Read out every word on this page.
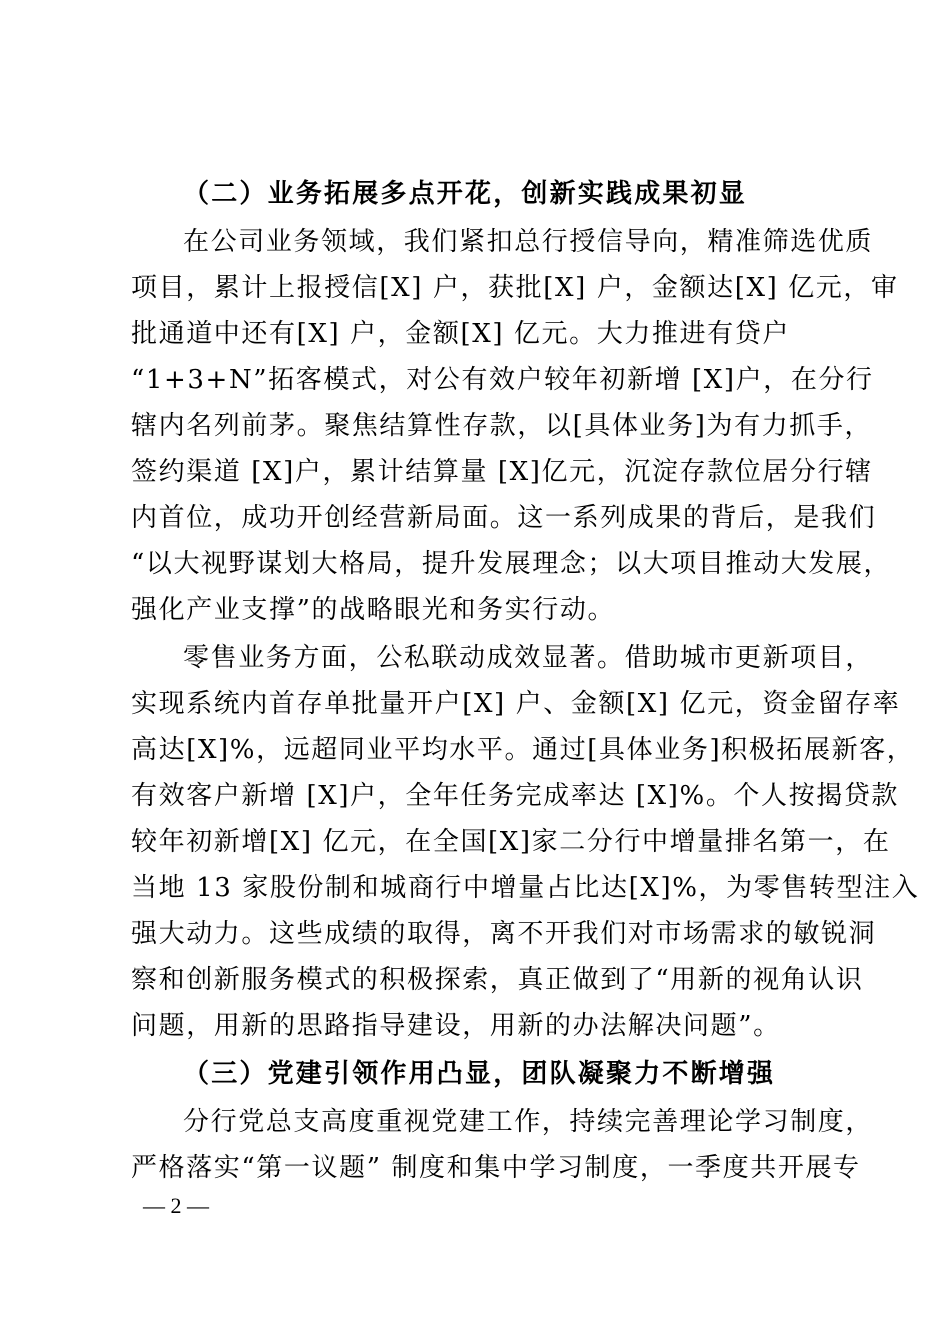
（二）业务拓展多点开花，创新实践成果初显
在公司业务领域，我们紧扣总行授信导向，精准筛选优质
项目，累计上报授信[X] 户，获批[X] 户，金额达[X] 亿元，审
批通道中还有[X] 户，金额[X] 亿元。大力推进有贷户
“1+3+N”拓客模式，对公有效户较年初新增 [X]户，在分行
辖内名列前茅。聚焦结算性存款，以[具体业务]为有力抓手，
签约渠道 [X]户，累计结算量 [X]亿元，沉淀存款位居分行辖
内首位，成功开创经营新局面。这一系列成果的背后，是我们
“以大视野谋划大格局，提升发展理念；以大项目推动大发展，
强化产业支撑”的战略眼光和务实行动。
零售业务方面，公私联动成效显著。借助城市更新项目，
实现系统内首存单批量开户[X] 户、金额[X] 亿元，资金留存率
高达[X]%，远超同业平均水平。通过[具体业务]积极拓展新客，
有效客户新增 [X]户，全年任务完成率达 [X]%。个人按揭贷款
较年初新增[X] 亿元，在全国[X]家二分行中增量排名第一，在
当地 13 家股份制和城商行中增量占比达[X]%，为零售转型注入
强大动力。这些成绩的取得，离不开我们对市场需求的敏锐洞
察和创新服务模式的积极探索，真正做到了“用新的视角认识
问题，用新的思路指导建设，用新的办法解决问题”。
（三）党建引领作用凸显，团队凝聚力不断增强
分行党总支高度重视党建工作，持续完善理论学习制度，
严格落实“第一议题” 制度和集中学习制度，一季度共开展专
— 2 —
